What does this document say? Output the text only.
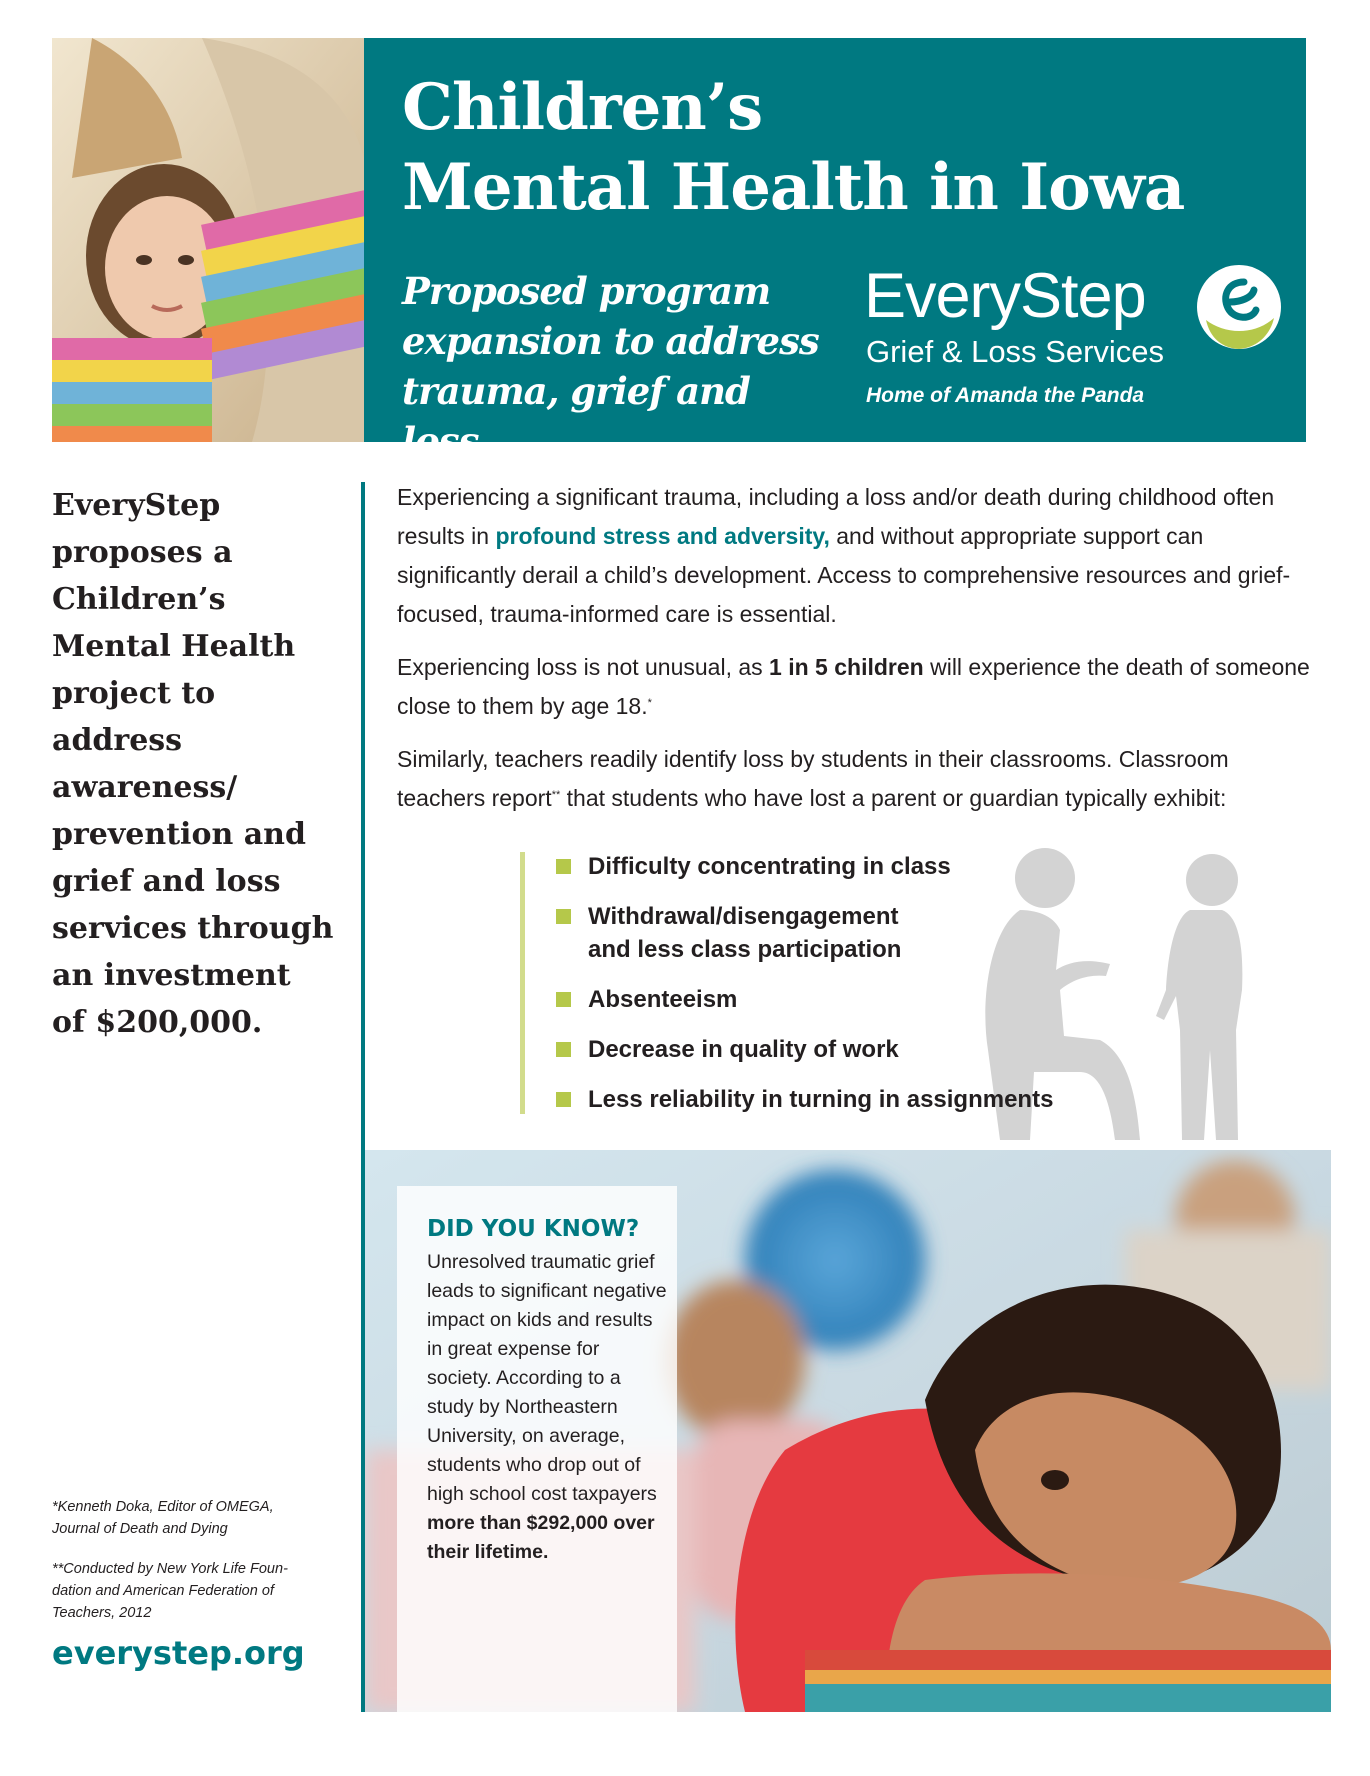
Children’s
Mental Health in Iowa
Proposed program
expansion to address
trauma, grief and loss.
EveryStep
Grief & Loss Services
Home of Amanda the Panda
EveryStep
proposes a
Children’s
Mental Health
project to address
awareness/
prevention and
grief and loss
services through
an investment
of $200,000.

*Kenneth Doka, Editor of OMEGA,
Journal of Death and Dying

**Conducted by New York Life Foun-
dation and American Federation of
Teachers, 2012

everystep.org

Experiencing a significant trauma, including a loss and/or death during childhood often results in profound stress and adversity, and without appropriate support can significantly derail a child’s development. Access to comprehensive resources and grief-focused, trauma-informed care is essential.

Experiencing loss is not unusual, as 1 in 5 children will experience the death of someone close to them by age 18.*

Similarly, teachers readily identify loss by students in their classrooms. Classroom teachers report** that students who have lost a parent or guardian typically exhibit:

Difficulty concentrating in class
Withdrawal/disengagement
and less class participation
Absenteeism
Decrease in quality of work
Less reliability in turning in assignments
DID YOU KNOW?

Unresolved traumatic grief leads to significant negative impact on kids and results in great expense for society. According to a study by Northeastern University, on average, students who drop out of high school cost taxpayers more than $292,000 over their lifetime.
